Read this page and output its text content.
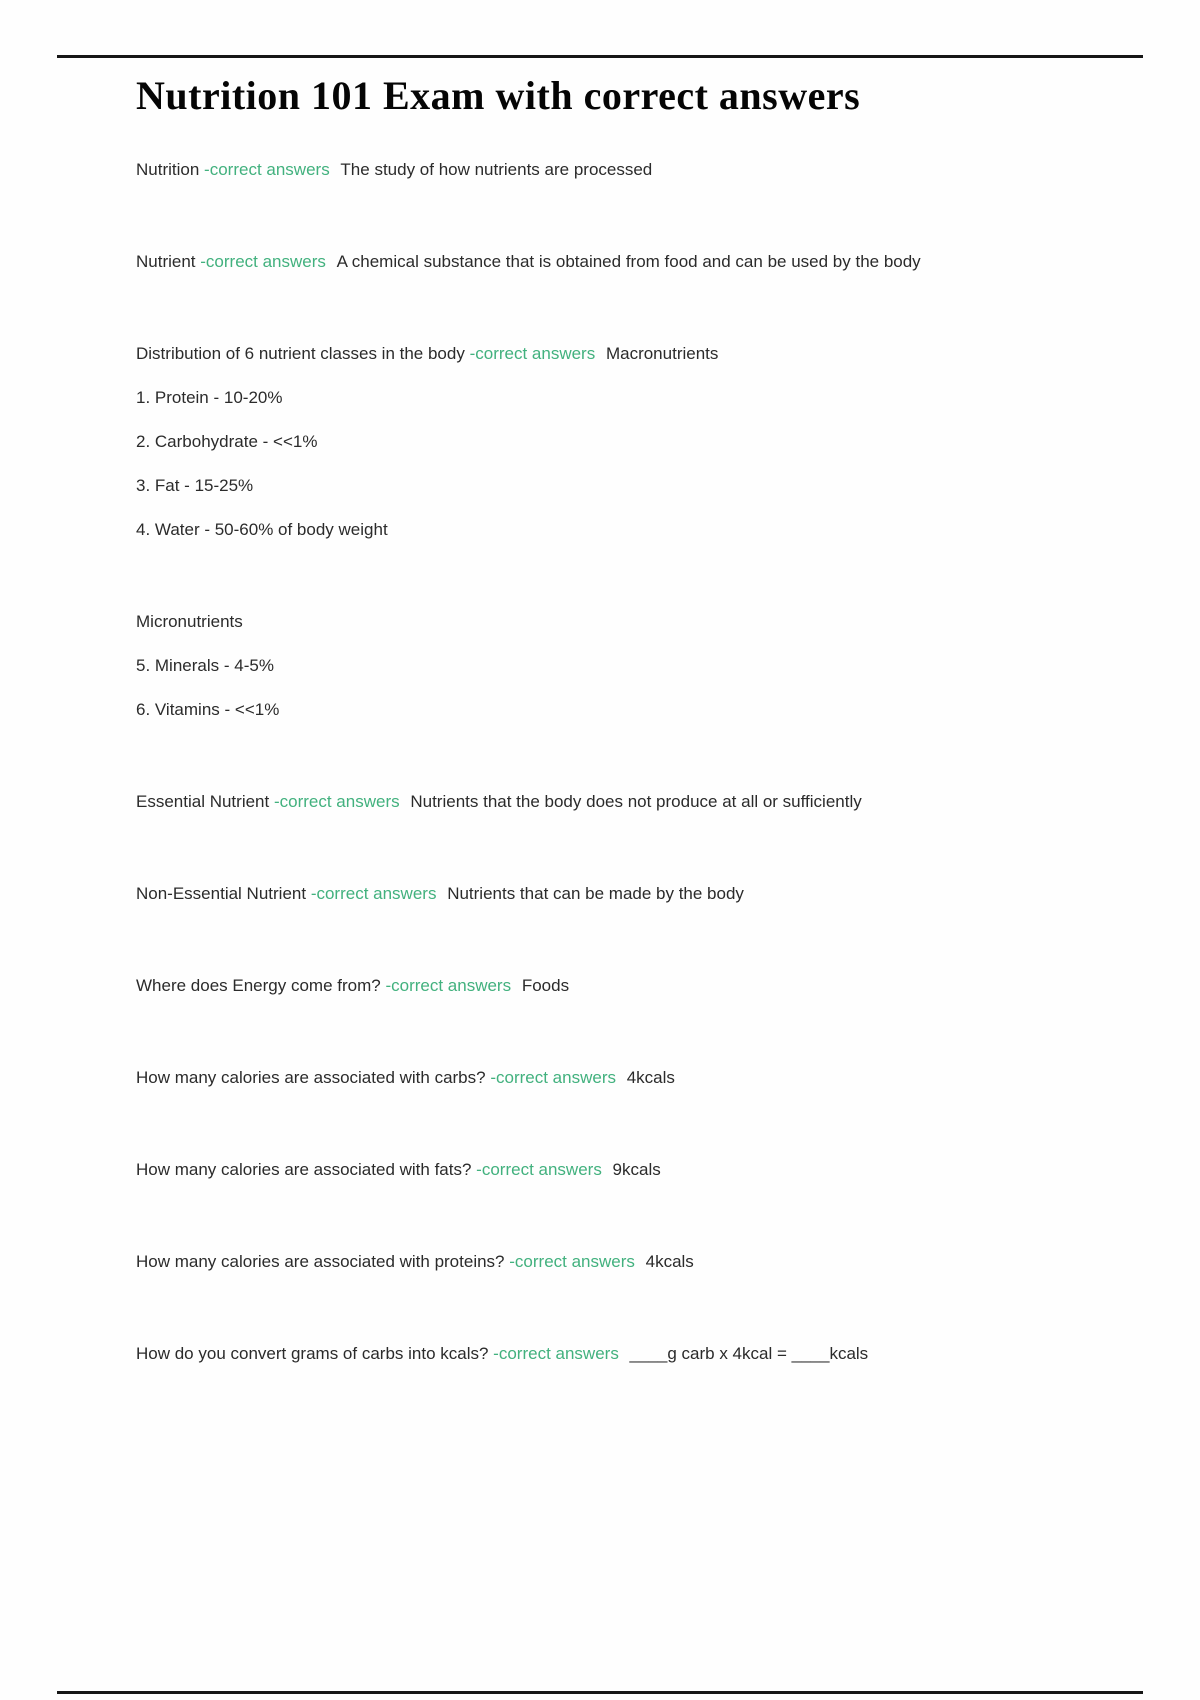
Nutrition 101 Exam with correct answers

Nutrition -correct answers The study of how nutrients are processed

Nutrient -correct answers A chemical substance that is obtained from food and can be used by the body

Distribution of 6 nutrient classes in the body -correct answers Macronutrients

1. Protein - 10-20%

2. Carbohydrate - <<1%

3. Fat - 15-25%

4. Water - 50-60% of body weight

Micronutrients

5. Minerals - 4-5%

6. Vitamins - <<1%

Essential Nutrient -correct answers Nutrients that the body does not produce at all or sufficiently

Non-Essential Nutrient -correct answers Nutrients that can be made by the body

Where does Energy come from? -correct answers Foods

How many calories are associated with carbs? -correct answers 4kcals

How many calories are associated with fats? -correct answers 9kcals

How many calories are associated with proteins? -correct answers 4kcals

How do you convert grams of carbs into kcals? -correct answers ____g carb x 4kcal = ____kcals
